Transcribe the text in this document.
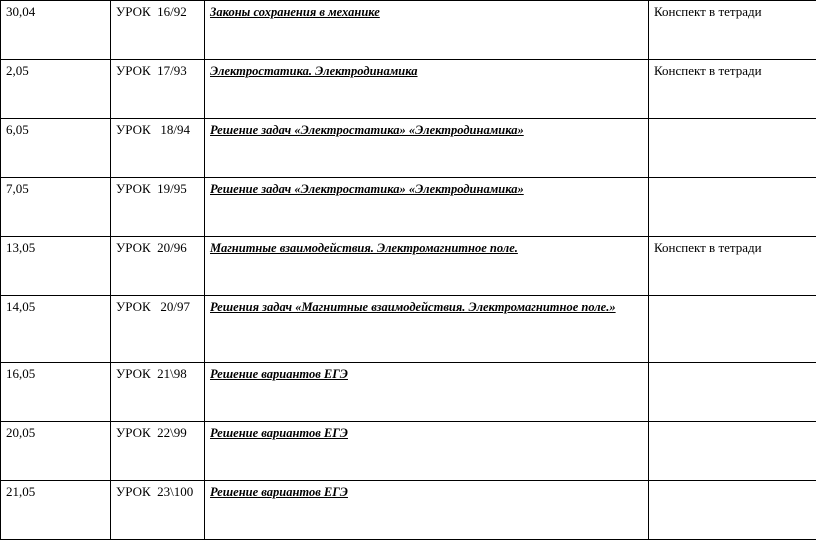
30,04	УРОК  16/92	Законы сохранения в механике	Конспект в тетради
2,05	УРОК  17/93	Электростатика. Электродинамика	Конспект в тетради
6,05	УРОК   18/94	Решение задач «Электростатика» «Электродинамика»	
7,05	УРОК  19/95	Решение задач «Электростатика» «Электродинамика»	
13,05	УРОК  20/96	Магнитные взаимодействия. Электромагнитное поле.	Конспект в тетради
14,05	УРОК   20/97	Решения задач «Магнитные взаимодействия. Электромагнитное поле.»	
16,05	УРОК  21\98	Решение вариантов ЕГЭ	
20,05	УРОК  22\99	Решение вариантов ЕГЭ	
21,05	УРОК  23\100	Решение вариантов ЕГЭ	
